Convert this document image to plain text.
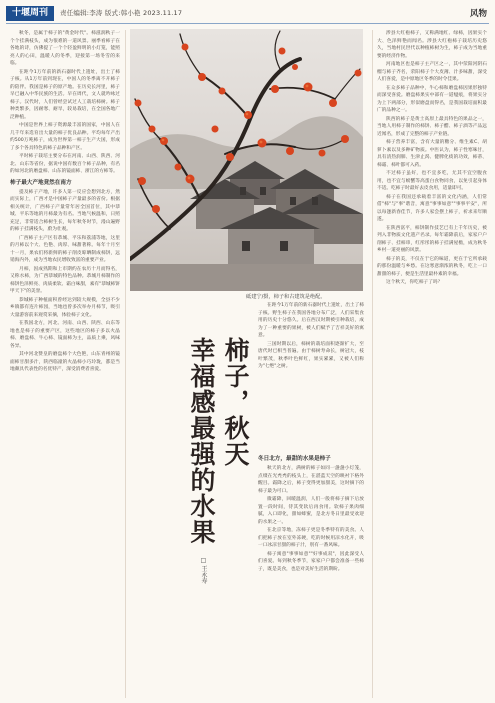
十堰周刊	责任编辑:李涛 版式:韩小艳 2023.11.17	风物

秋冬，是属于柿子的"黄金时代"。柿滋润秋子一个个挂满枝头，成为很难的一道风景。丽季看柿子在各地的诗，仿佛提了一个个轻盈鲜明的小灯笼，能照亮人的心田，温暖人的冬季，迎接第一场冬雪的来临。

在距今1万年前的新石器时代上遗址，出土了柿子核。从1万年前到现在，中国人的冬季离不开柿子的陪伴。我国是柿子的原产地。在历史长河里，柿子早已融入中华民族的生活。早在周代，文人就吟咏过柿子。汉代时，人们曾经尝试过人工栽培柿树。柿子种类繁多，因耐寒、耐旱，较易栽培，在全国各地广泛种植。

中国是世界上柿子资源最丰富的国家，中国人在几千年来选育出大量的柿子优良品种。平均每年产出约500万吨柿子，成为世界第一柿子生产大国，形成了多个各具特色的柿子品种和产区。

平时柿子栽培主要分布在河南、山西、陕西、河北、山东等省份，据说中国有数百个柿子品种，有名的如河北的磨盘柿、山东的镜面柿、浙江的方柿等。

柿子最大产地竟然在南方

提及柿子产地，许多人第一反应会想到北方，然而实际上，广西才是中国柿子产量最多的省份。根据相关统计，广西柿子产量常年居全国首位，其中恭城、平乐等地的月柿最为有名。当地气候温和，日照充足，非常适合柿树生长，每年秋冬时节，漫山遍野的柿子挂满枝头，蔚为壮观。

广西柿子主产区有恭城、平乐和荔浦等地，这里的月柿以个大、色艳、肉厚、味甜著称。每年十月至十一月，果农们将新鲜的柿子削皮晾晒制成柿饼，远销海内外，成为当地农民增收致富的重要产业。

月柿，因成熟期和上市期约在农历十月而得名，又称水柿，为广西恭城的特色品种。恭城月柿制作的柿饼色泽鲜亮、肉质柔软、霜白味甜，素有"恭城柿饼甲天下"的美誉。

恭城柿子种植面积曾经达到较大规模，全县不少乡镇都有连片柿园，当地也曾多次举办月柿节，吸引大量游客前来观赏采摘，体验柿子文化。

在我国北方，河北、河南、山西、陕西、山东等地也是柿子的重要产区，这些地区的柿子多以火晶柿、磨盘柿、牛心柿、镜面柿为主，品质上乘，风味各异。

其中河北赞皇的磨盘柿个大色艳，山东青州的镜面柿甘甜多汁，陕西临潼的火晶柿小巧玲珑，都是当地颇具代表性的名优特产，深受消费者喜爱。

砥建宁/摄，柿子和古建筑是绝配。

在距今1万年前的新石器时代上遗址，出土了柿子核。野生柿子在我国各地分布广泛，人们采集食用的历史十分悠久。后在西汉时期被引种栽培，成为了一种重要的果树，被人们赋予了吉祥美好的寓意。

三国时期以后，柿树的栽培面积逐渐扩大，至唐代时已相当普遍。由于柿树寿命长，树冠大，枝叶繁茂，秋季叶色鲜红，果实累累，又被人们称为"七绝"之树。

冬日北方，最甜的水果是柿子

秋天的北方，满树的柿子如同一盏盏小灯笼，点缀在光秃秃的枝头上，在湛蓝天空的映衬下格外醒目。霜降之后，柿子变得更加甜美，这时摘下的柿子最为可口。

微霜降，回暖温润，人们一般将柿子摘下后放置一段时间，待其变软后再食用。软柿子果肉细腻，入口即化，甜如蜂蜜，是北方冬日里最受欢迎的水果之一。

在北京等地，冻柿子更是冬季特有的美食。人们把柿子放在室外冻硬，吃的时候用凉水化开，吸一口冰凉甘甜的柿子汁，别有一番风味。

柿子寓意"事事如意""好事成双"，因此深受人们喜爱。每到秋冬季节，家家户户都会准备一些柿子，既是美食，也是对美好生活的期盼。

柿子，秋天
幸福感最强的水果
□ 王永寿

涉县大红袍柿子，又称满地红、绿柿，因果实个大、色泽鲜艳而闻名。涉县大红袍柿子栽培历史悠久，当地村民世代以种植柿树为生，柿子成为当地重要的经济作物。

河南地区也是柿子主产区之一，其中荥阳河阴石榴与柿子齐名，荥阳柿子个大皮薄、汁多味甜，深受人们喜爱，是中原地区冬季的时令佳果。

在众多柿子品种中，牛心柿和磨盘柿因果形独特而深受喜爱。磨盘柿果实中部有一道缢痕，将果实分为上下两部分，形似磨盘而得名，是我国栽培面积最广的品种之一。

陕西的柿子是黄土高原上最具特色的果品之一，当地人用柿子制作的柿饼、柿子醋、柿子酒等产品远近闻名，形成了完整的柿子产业链。

柿子营养丰富，含有大量的糖分、维生素C、胡萝卜素以及多种矿物质。中医认为，柿子性寒味甘，具有清热润肺、生津止渴、健脾化痰的功效，柿蒂、柿霜、柿叶都可入药。

不过柿子虽好，也不宜多吃，尤其不宜空腹食用，也不宜与螃蟹等高蛋白食物同食，以免引起身体不适。吃柿子时最好去皮食用，适量即可。

柿子在我国还承载着丰富的文化内涵，人们常借"柿"与"事"谐音，寓意"事事如意""事事平安"，所以每逢新春佳节，许多人家会摆上柿子，祈求来年顺遂。

在陕西富平，柿饼制作技艺已有上千年历史，被列入非物质文化遗产名录。每年霜降前后，家家户户削柿子、挂柿串，红彤彤的柿子挂满屋檐，成为秋冬乡村一道亮丽的风景。

柿子的美，不仅在于它的味道，更在于它所承载的那份温暖与乡愁。在这寒意渐浓的秋冬，吃上一口甜甜的柿子，便是生活里最朴素的幸福。

这个秋天，你吃柿子了吗？
